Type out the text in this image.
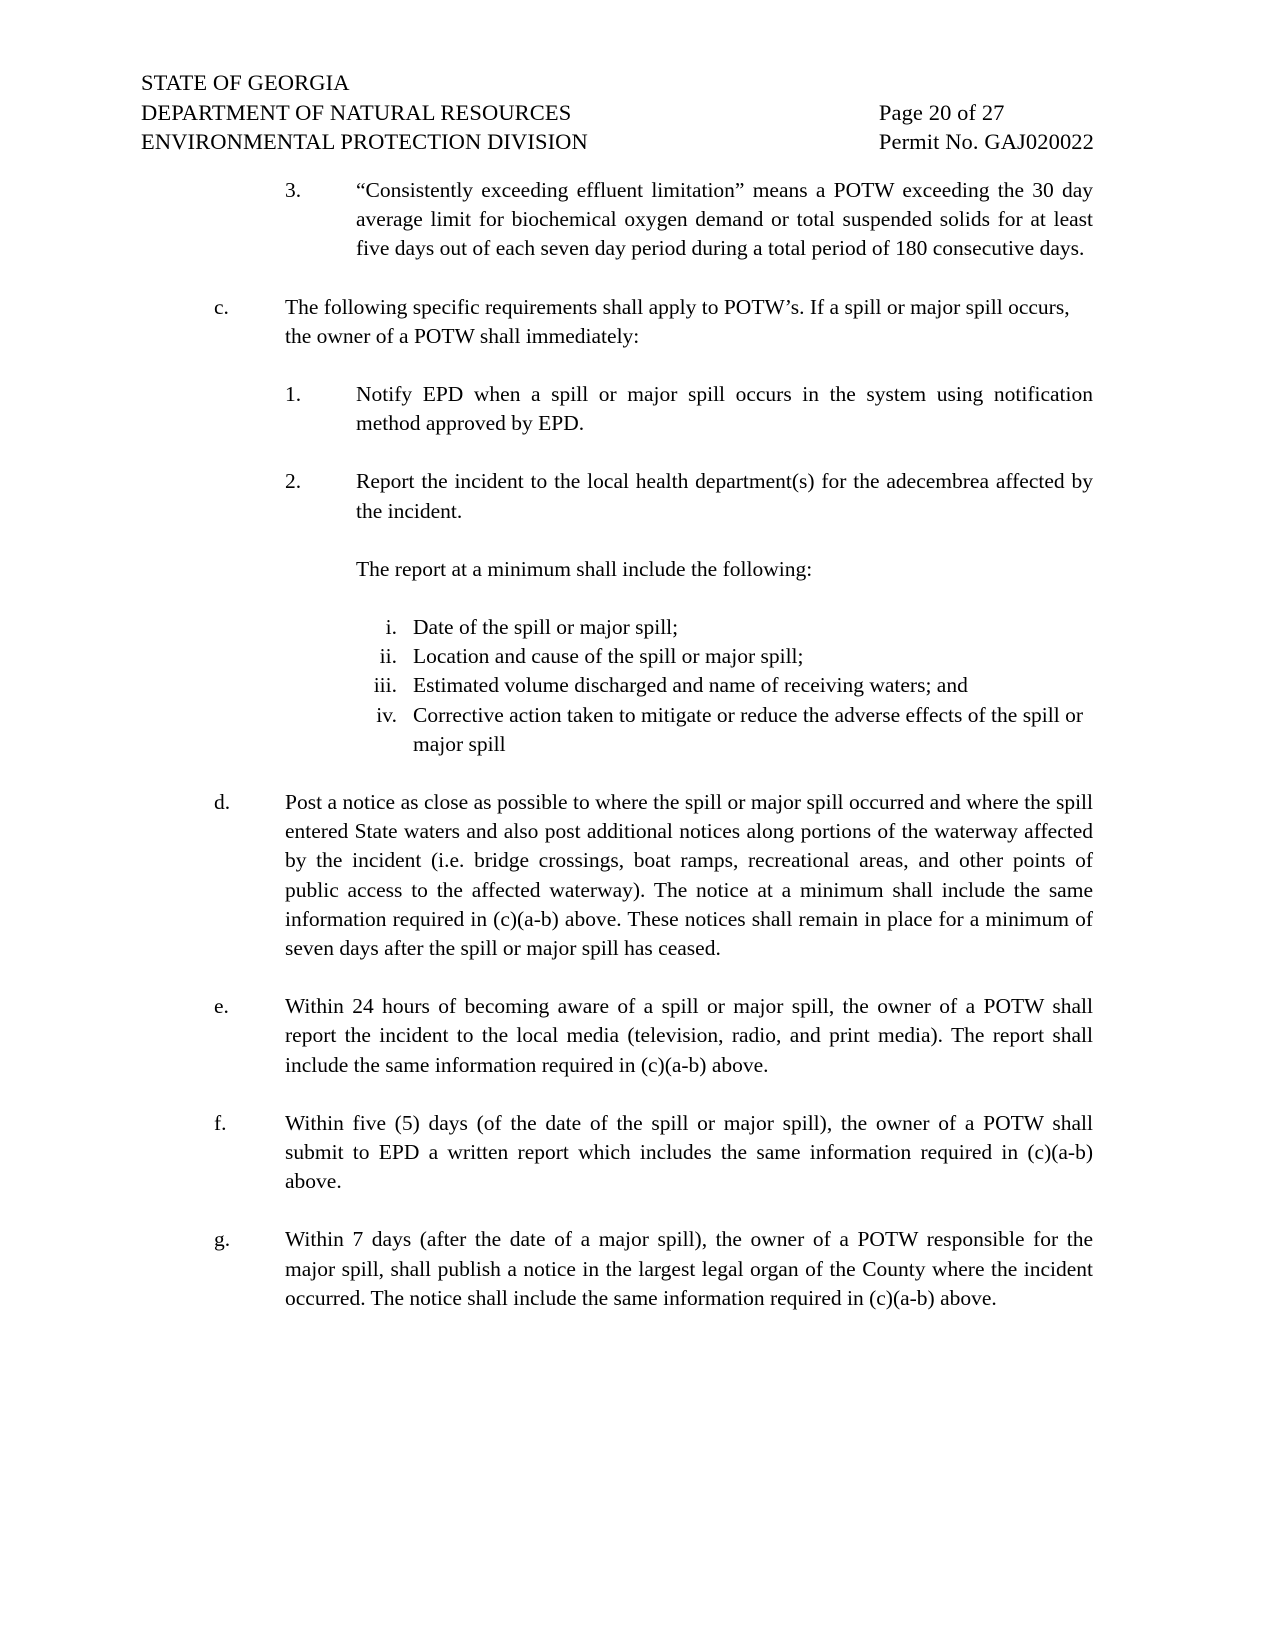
STATE OF GEORGIA
DEPARTMENT OF NATURAL RESOURCES
ENVIRONMENTAL PROTECTION DIVISION
Page 20 of 27
Permit No. GAJ020022
3.	“Consistently exceeding effluent limitation” means a POTW exceeding the 30 day average limit for biochemical oxygen demand or total suspended solids for at least five days out of each seven day period during a total period of 180 consecutive days.
c.	The following specific requirements shall apply to POTW’s. If a spill or major spill occurs, the owner of a POTW shall immediately:
1.	Notify EPD when a spill or major spill occurs in the system using notification method approved by EPD.
2.	Report the incident to the local health department(s) for the adecembrea affected by the incident.
The report at a minimum shall include the following:
i. Date of the spill or major spill;
ii. Location and cause of the spill or major spill;
iii. Estimated volume discharged and name of receiving waters; and
iv. Corrective action taken to mitigate or reduce the adverse effects of the spill or major spill
d.	Post a notice as close as possible to where the spill or major spill occurred and where the spill entered State waters and also post additional notices along portions of the waterway affected by the incident (i.e. bridge crossings, boat ramps, recreational areas, and other points of public access to the affected waterway). The notice at a minimum shall include the same information required in (c)(a-b) above. These notices shall remain in place for a minimum of seven days after the spill or major spill has ceased.
e.	Within 24 hours of becoming aware of a spill or major spill, the owner of a POTW shall report the incident to the local media (television, radio, and print media). The report shall include the same information required in (c)(a-b) above.
f.	Within five (5) days (of the date of the spill or major spill), the owner of a POTW shall submit to EPD a written report which includes the same information required in (c)(a-b) above.
g.	Within 7 days (after the date of a major spill), the owner of a POTW responsible for the major spill, shall publish a notice in the largest legal organ of the County where the incident occurred. The notice shall include the same information required in (c)(a-b) above.
